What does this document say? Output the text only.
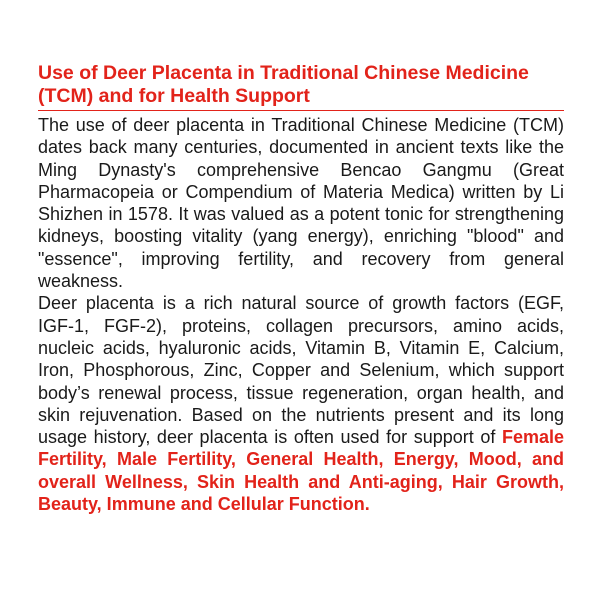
Use of Deer Placenta in Traditional Chinese Medicine (TCM) and for Health Support

The use of deer placenta in Traditional Chinese Medicine (TCM) dates back many centuries, documented in ancient texts like the Ming Dynasty's comprehensive Bencao Gangmu (Great Pharmacopeia or Compendium of Materia Medica) written by Li Shizhen in 1578. It was valued as a potent tonic for strengthening kidneys, boosting vitality (yang energy), enriching "blood" and "essence", improving fertility, and recovery from general weakness.

Deer placenta is a rich natural source of growth factors (EGF, IGF-1, FGF-2), proteins, collagen precursors, amino acids, nucleic acids, hyaluronic acids, Vitamin B, Vitamin E, Calcium, Iron, Phosphorous, Zinc, Copper and Selenium, which support body’s renewal process, tissue regeneration, organ health, and skin rejuvenation. Based on the nutrients present and its long usage history, deer placenta is often used for support of Female Fertility, Male Fertility, General Health, Energy, Mood, and overall Wellness, Skin Health and Anti-aging, Hair Growth, Beauty, Immune and Cellular Function.
